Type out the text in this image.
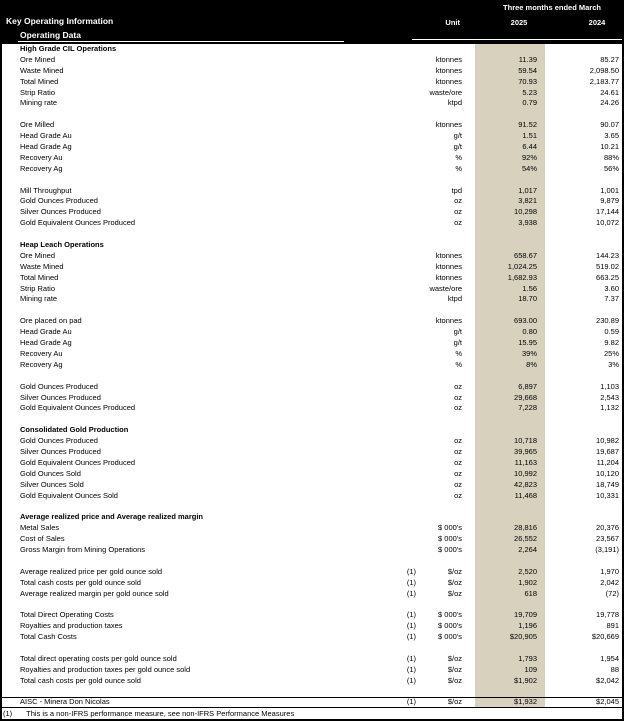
Three months ended March
Key Operating Information	Unit	2025	2024
Operating Data
High Grade CIL Operations
Ore Mined	ktonnes	11.39	85.27
Waste Mined	ktonnes	59.54	2,098.50
Total Mined	ktonnes	70.93	2,183.77
Strip Ratio	waste/ore	5.23	24.61
Mining rate	ktpd	0.79	24.26
Ore Milled	ktonnes	91.52	90.07
Head Grade Au	g/t	1.51	3.65
Head Grade Ag	g/t	6.44	10.21
Recovery Au	%	92%	88%
Recovery Ag	%	54%	56%
Mill Throughput	tpd	1,017	1,001
Gold Ounces Produced	oz	3,821	9,879
Silver Ounces Produced	oz	10,298	17,144
Gold Equivalent Ounces Produced	oz	3,938	10,072
Heap Leach Operations
Ore Mined	ktonnes	658.67	144.23
Waste Mined	ktonnes	1,024.25	519.02
Total Mined	ktonnes	1,682.93	663.25
Strip Ratio	waste/ore	1.56	3.60
Mining rate	ktpd	18.70	7.37
Ore placed on pad	ktonnes	693.00	230.89
Head Grade Au	g/t	0.80	0.59
Head Grade Ag	g/t	15.95	9.82
Recovery Au	%	39%	25%
Recovery Ag	%	8%	3%
Gold Ounces Produced	oz	6,897	1,103
Silver Ounces Produced	oz	29,668	2,543
Gold Equivalent Ounces Produced	oz	7,228	1,132
Consolidated Gold Production
Gold Ounces Produced	oz	10,718	10,982
Silver Ounces Produced	oz	39,965	19,687
Gold Equivalent Ounces Produced	oz	11,163	11,204
Gold Ounces Sold	oz	10,992	10,120
Silver Ounces Sold	oz	42,823	18,749
Gold Equivalent Ounces Sold	oz	11,468	10,331
Average realized price and Average realized margin
Metal Sales	$ 000's	28,816	20,376
Cost of Sales	$ 000's	26,552	23,567
Gross Margin from Mining Operations	$ 000's	2,264	(3,191)
Average realized price per gold ounce sold	(1)	$/oz	2,520	1,970
Total cash costs per gold ounce sold	(1)	$/oz	1,902	2,042
Average realized margin per gold ounce sold	(1)	$/oz	618	(72)
Total Direct Operating Costs	(1)	$ 000's	19,709	19,778
Royalties and production taxes	(1)	$ 000's	1,196	891
Total Cash Costs	(1)	$ 000's	$20,905	$20,669
Total direct operating costs per gold ounce sold	(1)	$/oz	1,793	1,954
Royalties and production taxes per gold ounce sold	(1)	$/oz	109	88
Total cash costs per gold ounce sold	(1)	$/oz	$1,902	$2,042
AISC - Minera Don Nicolas	(1)	$/oz	$1,932	$2,045
(1) This is a non-IFRS performance measure, see non-IFRS Performance Measures
